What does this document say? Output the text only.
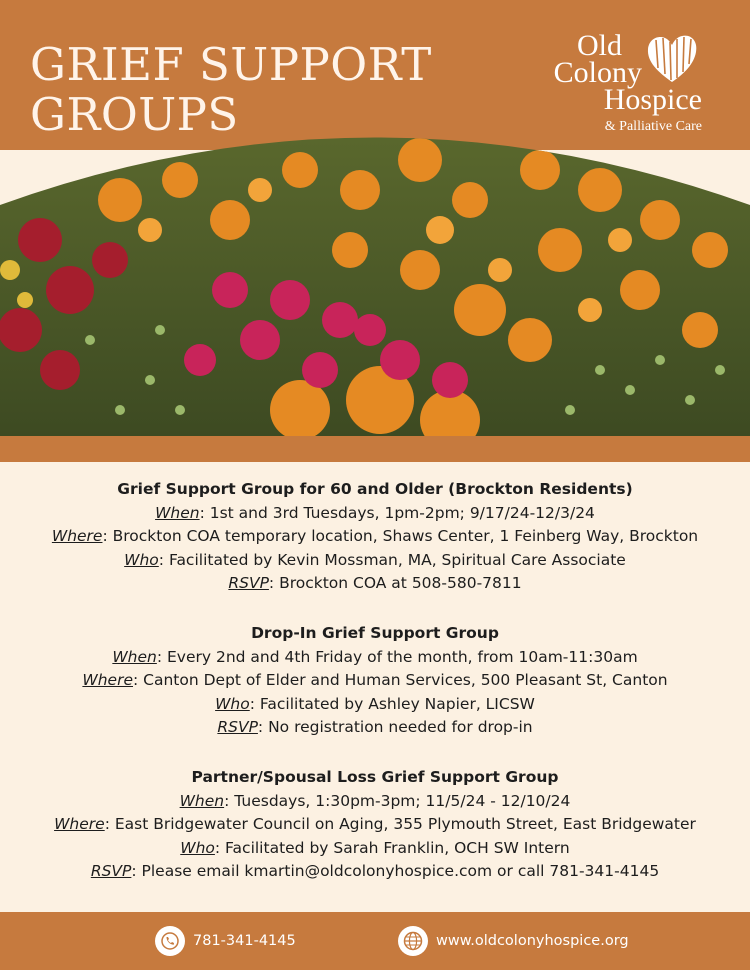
GRIEF SUPPORT
GROUPS
Old
Colony
Hospice
& Palliative Care
Grief Support Group for 60 and Older (Brockton Residents)
When: 1st and 3rd Tuesdays, 1pm-2pm; 9/17/24-12/3/24
Where: Brockton COA temporary location, Shaws Center, 1 Feinberg Way, Brockton
Who: Facilitated by Kevin Mossman, MA, Spiritual Care Associate
RSVP: Brockton COA at 508-580-7811
Drop-In Grief Support Group
When: Every 2nd and 4th Friday of the month, from 10am-11:30am
Where: Canton Dept of Elder and Human Services, 500 Pleasant St, Canton
Who: Facilitated by Ashley Napier, LICSW
RSVP: No registration needed for drop-in
Partner/Spousal Loss Grief Support Group
When: Tuesdays, 1:30pm-3pm; 11/5/24 - 12/10/24
Where: East Bridgewater Council on Aging, 355 Plymouth Street, East Bridgewater
Who: Facilitated by Sarah Franklin, OCH SW Intern
RSVP: Please email kmartin@oldcolonyhospice.com or call 781-341-4145
781-341-4145	www.oldcolonyhospice.org
